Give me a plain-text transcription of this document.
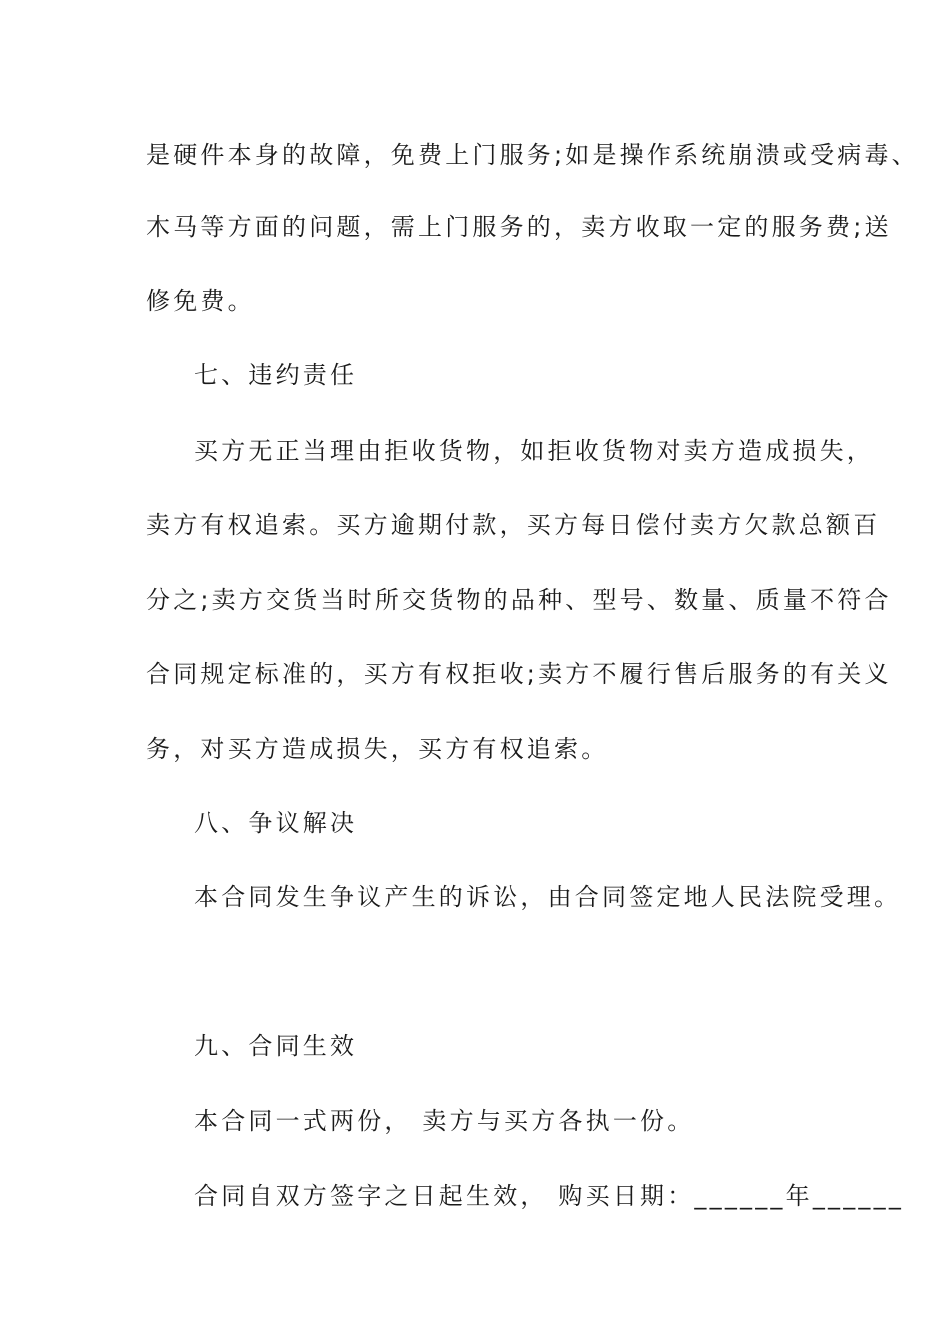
是硬件本身的故障，免费上门服务;如是操作系统崩溃或受病毒、
木马等方面的问题，需上门服务的，卖方收取一定的服务费;送
修免费。
七、违约责任
买方无正当理由拒收货物，如拒收货物对卖方造成损失，
卖方有权追索。买方逾期付款，买方每日偿付卖方欠款总额百
分之;卖方交货当时所交货物的品种、型号、数量、质量不符合
合同规定标准的，买方有权拒收;卖方不履行售后服务的有关义
务，对买方造成损失，买方有权追索。
八、争议解决
本合同发生争议产生的诉讼，由合同签定地人民法院受理。
九、合同生效
本合同一式两份， 卖方与买方各执一份。
合同自双方签字之日起生效， 购买日期：______年______
